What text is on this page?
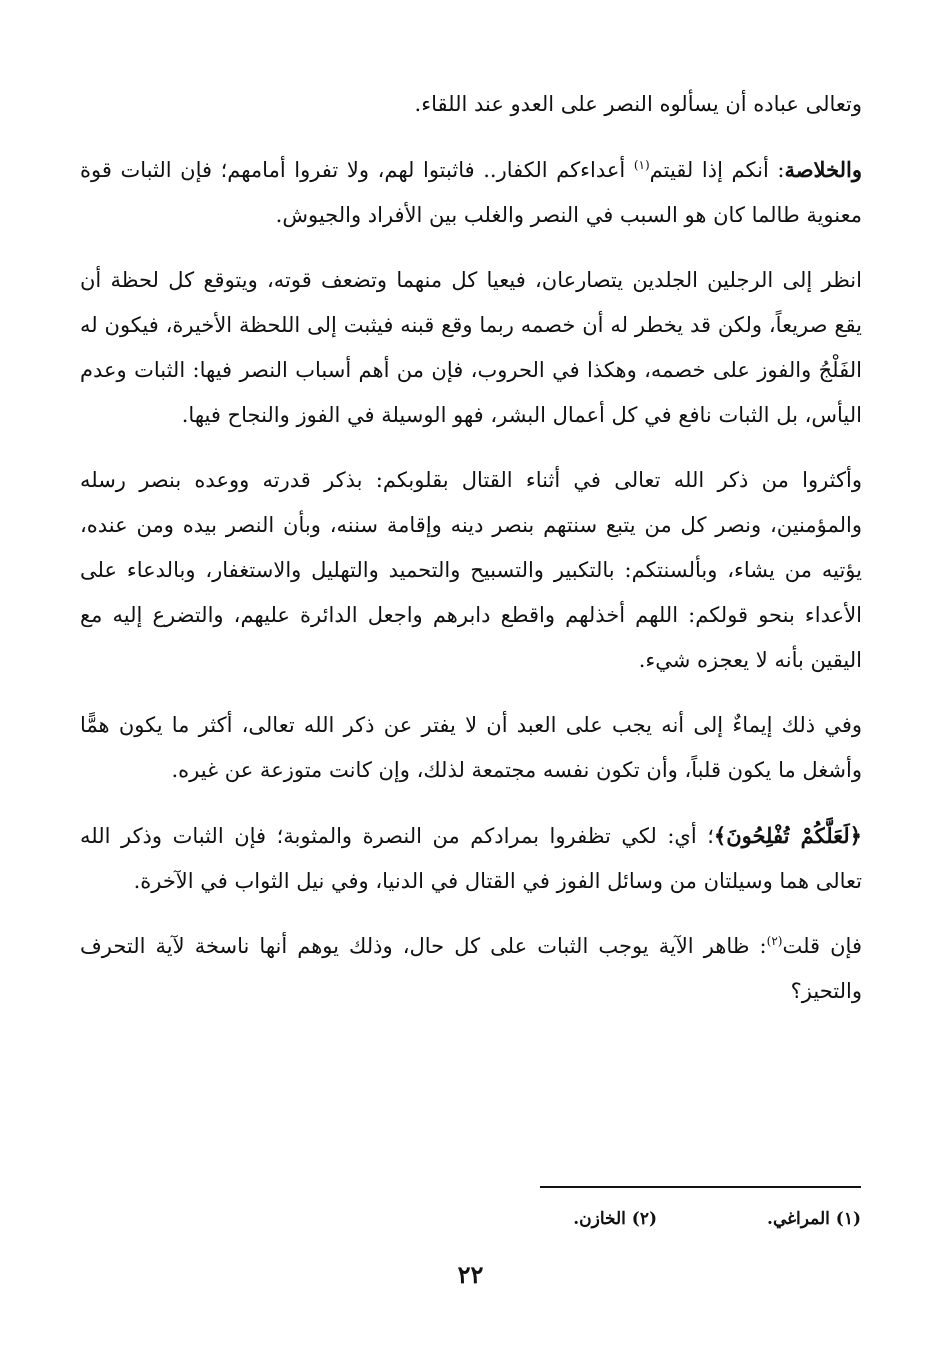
وتعالى عباده أن يسألوه النصر على العدو عند اللقاء.

والخلاصة: أنكم إذا لقيتم$^{(١)}$ أعداءكم الكفار.. فاثبتوا لهم، ولا تفروا أمامهم؛ فإن الثبات قوة معنوية طالما كان هو السبب في النصر والغلب بين الأفراد والجيوش.

انظر إلى الرجلين الجلدين يتصارعان، فيعيا كل منهما وتضعف قوته، ويتوقع كل لحظة أن يقع صريعاً، ولكن قد يخطر له أن خصمه ربما وقع قبنه فيثبت إلى اللحظة الأخيرة، فيكون له الفَلْجُ والفوز على خصمه، وهكذا في الحروب، فإن من أهم أسباب النصر فيها: الثبات وعدم اليأس، بل الثبات نافع في كل أعمال البشر، فهو الوسيلة في الفوز والنجاح فيها.

وأكثروا من ذكر الله تعالى في أثناء القتال بقلوبكم: بذكر قدرته ووعده بنصر رسله والمؤمنين، ونصر كل من يتبع سنتهم بنصر دينه وإقامة سننه، وبأن النصر بيده ومن عنده، يؤتيه من يشاء، وبألسنتكم: بالتكبير والتسبيح والتحميد والتهليل والاستغفار، وبالدعاء على الأعداء بنحو قولكم: اللهم أخذلهم واقطع دابرهم واجعل الدائرة عليهم، والتضرع إليه مع اليقين بأنه لا يعجزه شيء.

وفي ذلك إيماءٌ إلى أنه يجب على العبد أن لا يفتر عن ذكر الله تعالى، أكثر ما يكون همًّا وأشغل ما يكون قلباً، وأن تكون نفسه مجتمعة لذلك، وإن كانت متوزعة عن غيره.

﴿لَعَلَّكُمْ تُفْلِحُونَ﴾؛ أي: لكي تظفروا بمرادكم من النصرة والمثوبة؛ فإن الثبات وذكر الله تعالى هما وسيلتان من وسائل الفوز في القتال في الدنيا، وفي نيل الثواب في الآخرة.

فإن قلت$^{(٢)}$: ظاهر الآية يوجب الثبات على كل حال، وذلك يوهم أنها ناسخة لآية التحرف والتحيز؟

(١) المراغي.
(٢) الخازن.
٢٢
